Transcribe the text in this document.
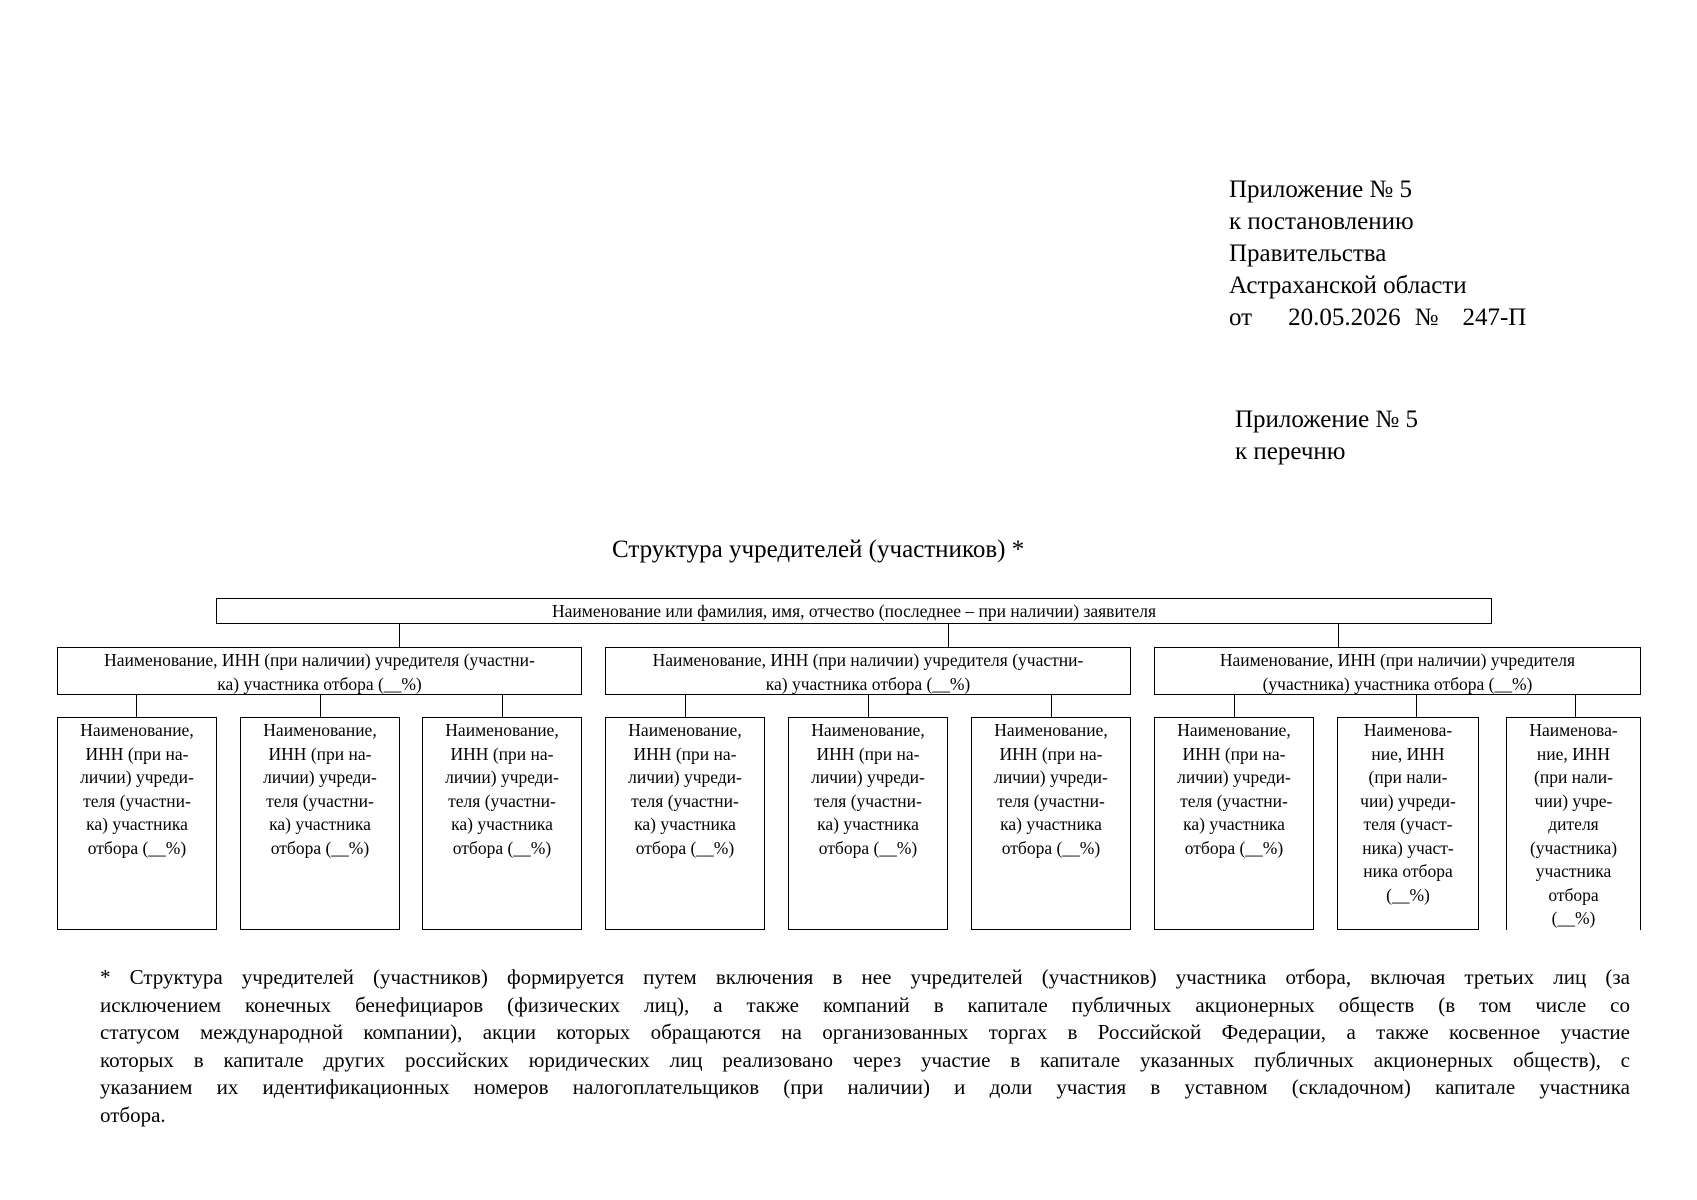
Приложение № 5
к постановлению
Правительства
Астраханской области
от 20.05.2026 № 247-П
Приложение № 5
к перечню
Структура учредителей (участников) *
Наименование или фамилия, имя, отчество (последнее – при наличии) заявителя
Наименование, ИНН (при наличии) учредителя (участни-
ка) участника отбора (__%)
Наименование, ИНН (при наличии) учредителя (участни-
ка) участника отбора (__%)
Наименование, ИНН (при наличии) учредителя
(участника) участника отбора (__%)
Наименование,
ИНН (при на-
личии) учреди-
теля (участни-
ка) участника
отбора (__%)
Наименование,
ИНН (при на-
личии) учреди-
теля (участни-
ка) участника
отбора (__%)
Наименование,
ИНН (при на-
личии) учреди-
теля (участни-
ка) участника
отбора (__%)
Наименование,
ИНН (при на-
личии) учреди-
теля (участни-
ка) участника
отбора (__%)
Наименование,
ИНН (при на-
личии) учреди-
теля (участни-
ка) участника
отбора (__%)
Наименование,
ИНН (при на-
личии) учреди-
теля (участни-
ка) участника
отбора (__%)
Наименование,
ИНН (при на-
личии) учреди-
теля (участни-
ка) участника
отбора (__%)
Наименова-
ние, ИНН
(при нали-
чии) учреди-
теля (участ-
ника) участ-
ника отбора
(__%)
Наименова-
ние, ИНН
(при нали-
чии) учре-
дителя
(участника)
участника
отбора
(__%)
* Структура учредителей (участников) формируется путем включения в нее учредителей (участников) участника отбора, включая третьих лиц (за
исключением конечных бенефициаров (физических лиц), а также компаний в капитале публичных акционерных обществ (в том числе со
статусом международной компании), акции которых обращаются на организованных торгах в Российской Федерации, а также косвенное участие
которых в капитале других российских юридических лиц реализовано через участие в капитале указанных публичных акционерных обществ), с
указанием их идентификационных номеров налогоплательщиков (при наличии) и доли участия в уставном (складочном) капитале участника
отбора.
